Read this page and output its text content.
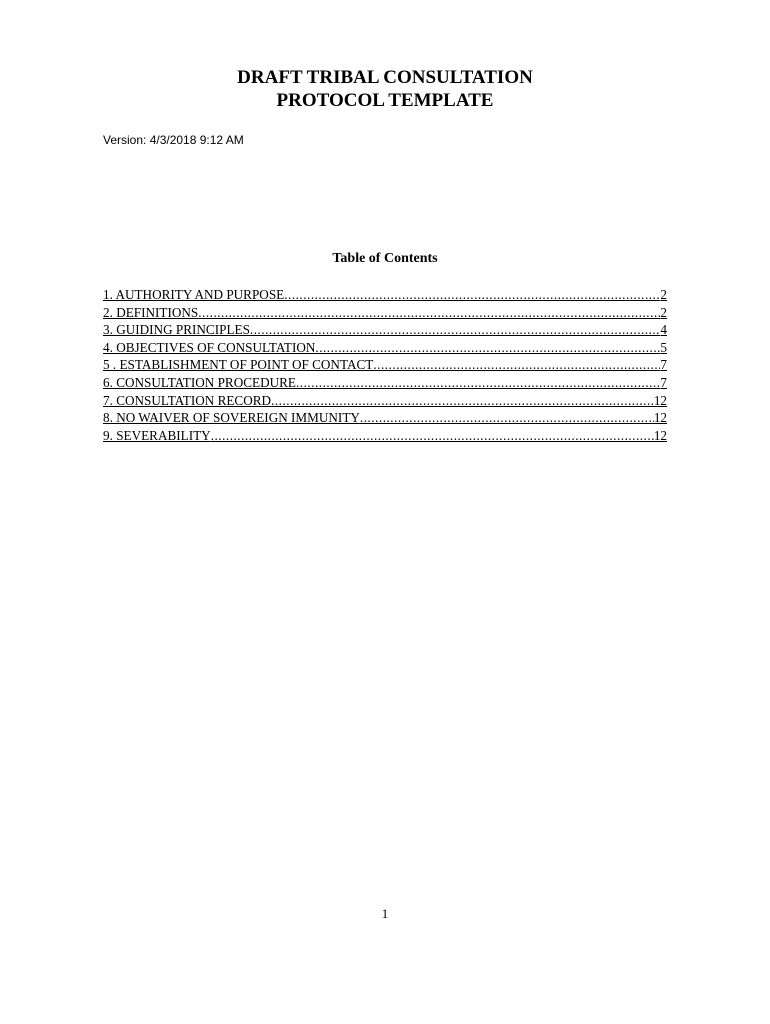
DRAFT TRIBAL CONSULTATION
PROTOCOL TEMPLATE
Version: 4/3/2018 9:12 AM
Table of Contents
1. AUTHORITY AND PURPOSE .....	2
2. DEFINITIONS .....	2
3. GUIDING PRINCIPLES .....	4
4. OBJECTIVES OF CONSULTATION .....	5
5 . ESTABLISHMENT OF POINT OF CONTACT .....	7
6. CONSULTATION PROCEDURE .....	7
7. CONSULTATION RECORD .....	12
8. NO WAIVER OF SOVEREIGN IMMUNITY .....	12
9. SEVERABILITY .....	12
1
